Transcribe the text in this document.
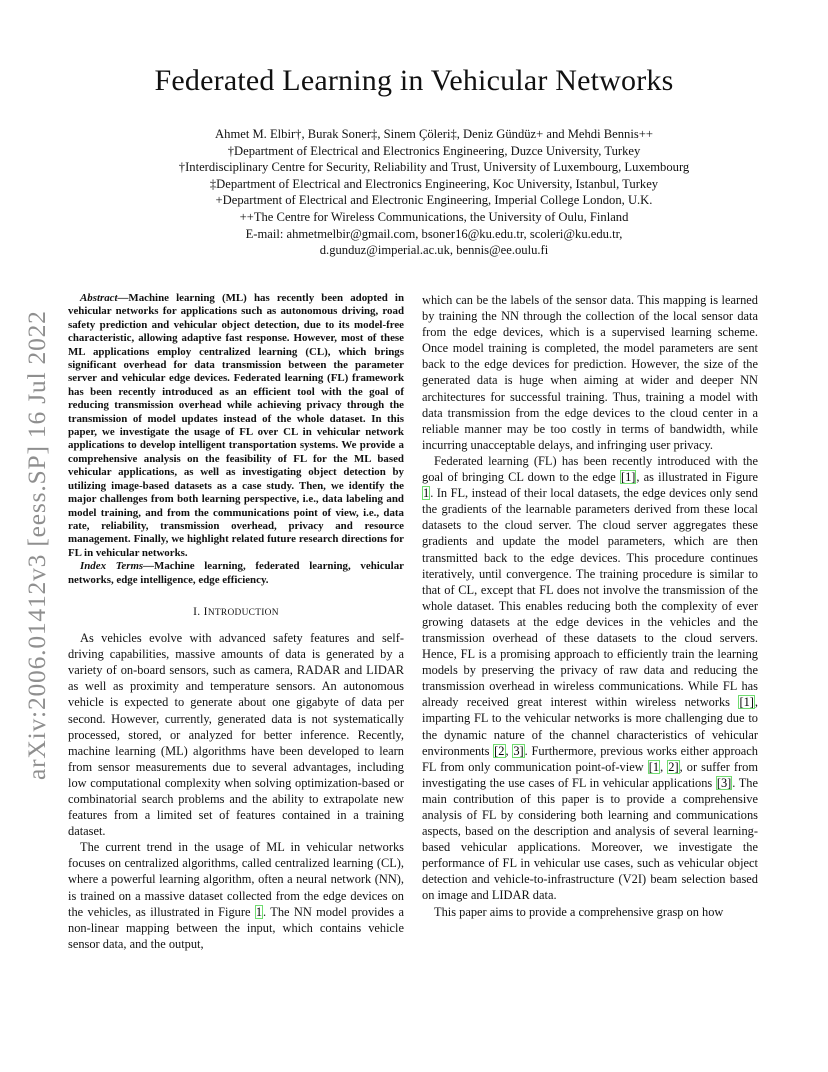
arXiv:2006.01412v3 [eess.SP] 16 Jul 2022
Federated Learning in Vehicular Networks
Ahmet M. Elbir†, Burak Soner‡, Sinem Çöleri‡, Deniz Gündüz+ and Mehdi Bennis++
†Department of Electrical and Electronics Engineering, Duzce University, Turkey
†Interdisciplinary Centre for Security, Reliability and Trust, University of Luxembourg, Luxembourg
‡Department of Electrical and Electronics Engineering, Koc University, Istanbul, Turkey
+Department of Electrical and Electronic Engineering, Imperial College London, U.K.
++The Centre for Wireless Communications, the University of Oulu, Finland
E-mail: ahmetmelbir@gmail.com, bsoner16@ku.edu.tr, scoleri@ku.edu.tr,
d.gunduz@imperial.ac.uk, bennis@ee.oulu.fi

Abstract—Machine learning (ML) has recently been adopted in vehicular networks for applications such as autonomous driving, road safety prediction and vehicular object detection, due to its model-free characteristic, allowing adaptive fast response. However, most of these ML applications employ centralized learning (CL), which brings significant overhead for data transmission between the parameter server and vehicular edge devices. Federated learning (FL) framework has been recently introduced as an efficient tool with the goal of reducing transmission overhead while achieving privacy through the transmission of model updates instead of the whole dataset. In this paper, we investigate the usage of FL over CL in vehicular network applications to develop intelligent transportation systems. We provide a comprehensive analysis on the feasibility of FL for the ML based vehicular applications, as well as investigating object detection by utilizing image-based datasets as a case study. Then, we identify the major challenges from both learning perspective, i.e., data labeling and model training, and from the communications point of view, i.e., data rate, reliability, transmission overhead, privacy and resource management. Finally, we highlight related future research directions for FL in vehicular networks.

Index Terms—Machine learning, federated learning, vehicular networks, edge intelligence, edge efficiency.

I. INTRODUCTION

As vehicles evolve with advanced safety features and self-driving capabilities, massive amounts of data is generated by a variety of on-board sensors, such as camera, RADAR and LIDAR as well as proximity and temperature sensors. An autonomous vehicle is expected to generate about one gigabyte of data per second. However, currently, generated data is not systematically processed, stored, or analyzed for better inference. Recently, machine learning (ML) algorithms have been developed to learn from sensor measurements due to several advantages, including low computational complexity when solving optimization-based or combinatorial search problems and the ability to extrapolate new features from a limited set of features contained in a training dataset.

The current trend in the usage of ML in vehicular networks focuses on centralized algorithms, called centralized learning (CL), where a powerful learning algorithm, often a neural network (NN), is trained on a massive dataset collected from the edge devices on the vehicles, as illustrated in Figure 1. The NN model provides a non-linear mapping between the input, which contains vehicle sensor data, and the output,

which can be the labels of the sensor data. This mapping is learned by training the NN through the collection of the local sensor data from the edge devices, which is a supervised learning scheme. Once model training is completed, the model parameters are sent back to the edge devices for prediction. However, the size of the generated data is huge when aiming at wider and deeper NN architectures for successful training. Thus, training a model with data transmission from the edge devices to the cloud center in a reliable manner may be too costly in terms of bandwidth, while incurring unacceptable delays, and infringing user privacy.

Federated learning (FL) has been recently introduced with the goal of bringing CL down to the edge [1], as illustrated in Figure 1. In FL, instead of their local datasets, the edge devices only send the gradients of the learnable parameters derived from these local datasets to the cloud server. The cloud server aggregates these gradients and update the model parameters, which are then transmitted back to the edge devices. This procedure continues iteratively, until convergence. The training procedure is similar to that of CL, except that FL does not involve the transmission of the whole dataset. This enables reducing both the complexity of ever growing datasets at the edge devices in the vehicles and the transmission overhead of these datasets to the cloud servers. Hence, FL is a promising approach to efficiently train the learning models by preserving the privacy of raw data and reducing the transmission overhead in wireless communications. While FL has already received great interest within wireless networks [1], imparting FL to the vehicular networks is more challenging due to the dynamic nature of the channel characteristics of vehicular environments [2, 3]. Furthermore, previous works either approach FL from only communication point-of-view [1, 2], or suffer from investigating the use cases of FL in vehicular applications [3]. The main contribution of this paper is to provide a comprehensive analysis of FL by considering both learning and communications aspects, based on the description and analysis of several learning-based vehicular applications. Moreover, we investigate the performance of FL in vehicular use cases, such as vehicular object detection and vehicle-to-infrastructure (V2I) beam selection based on image and LIDAR data.

This paper aims to provide a comprehensive grasp on how
